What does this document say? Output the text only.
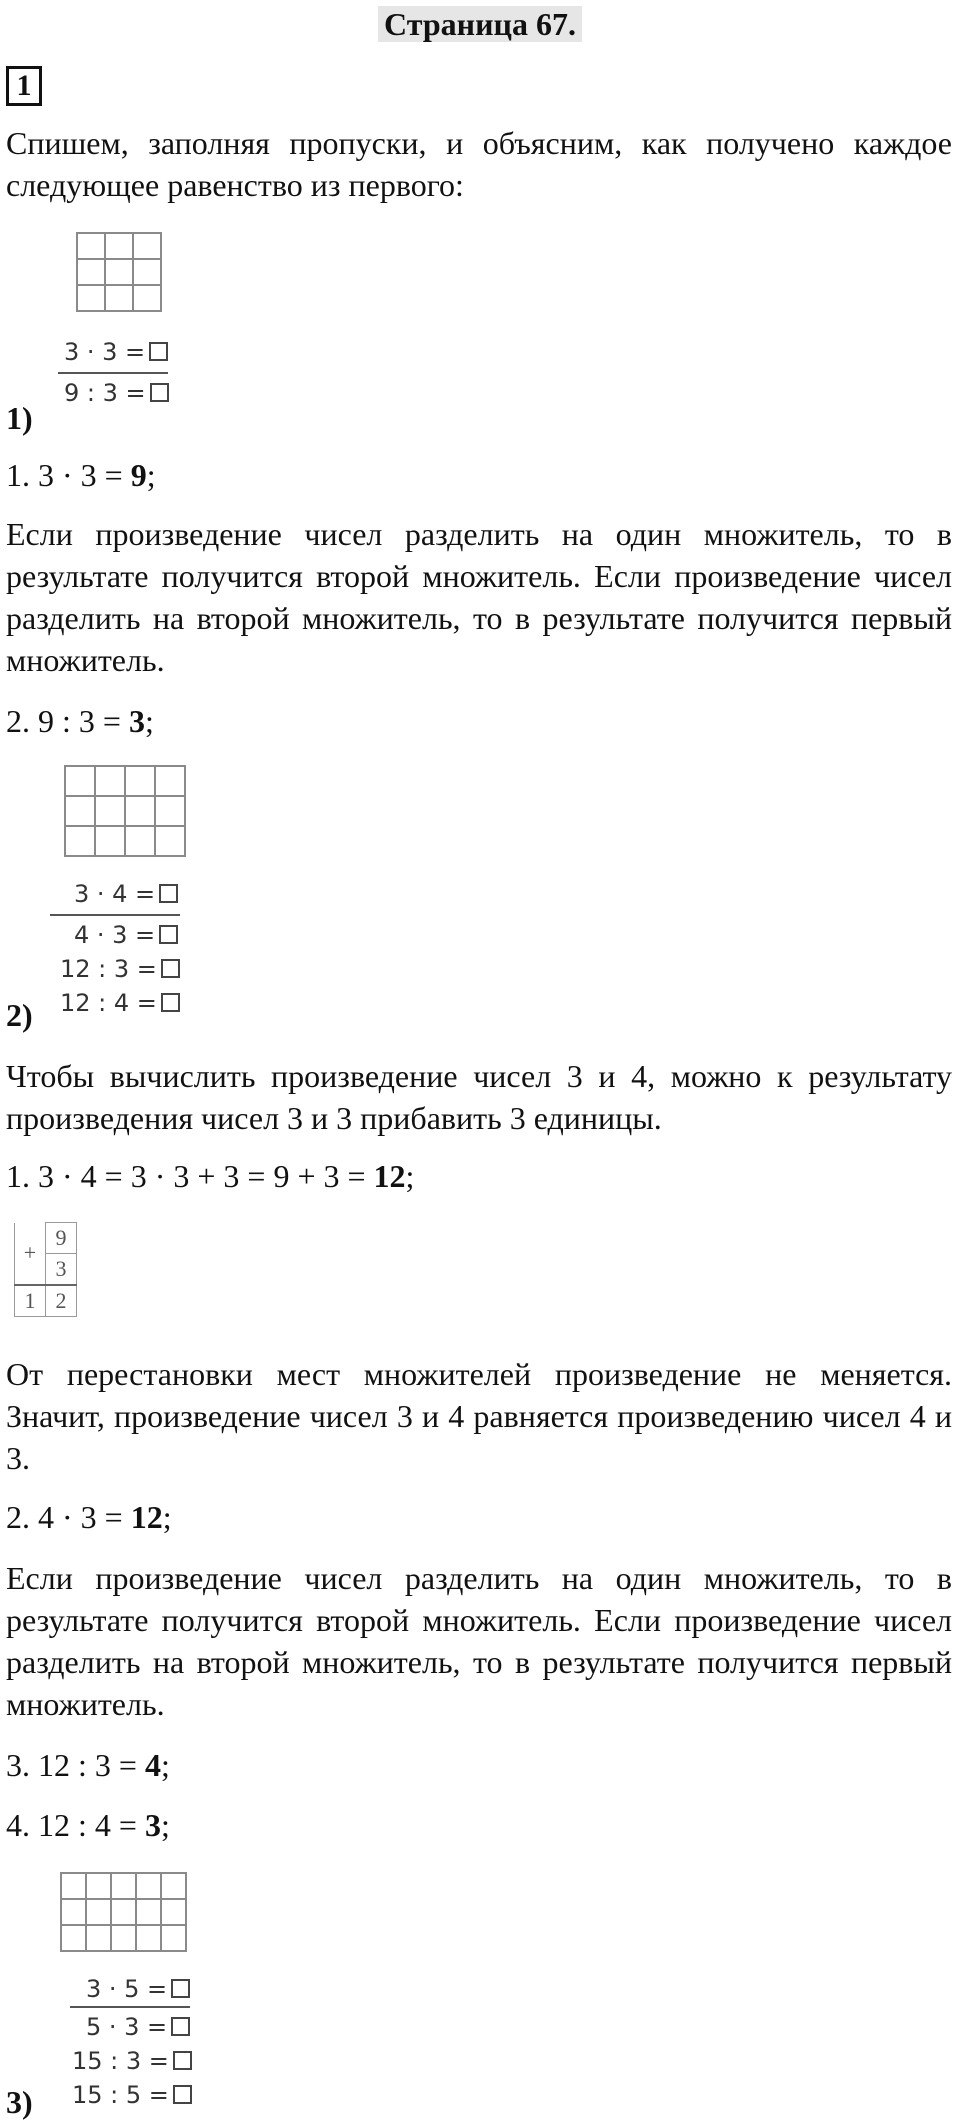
Страница 67.
1

Спишем, заполняя пропуски, и объясним, как получено каждое следующее равенство из первого:

3 · 3 =
9 : 3 =
1)

1. 3 · 3 = 9;

Если произведение чисел разделить на один множитель, то в результате получится второй множитель. Если произведение чисел разделить на второй множитель, то в результате получится первый множитель.

2. 9 : 3 = 3;

3 · 4 =
4 · 3 =
12 : 3 =
12 : 4 =
2)

Чтобы вычислить произведение чисел 3 и 4, можно к результату произведения чисел 3 и 3 прибавить 3 единицы.

1. 3 · 4 = 3 · 3 + 3 = 9 + 3 = 12;

+	9
	3
1	2

От перестановки мест множителей произведение не меняется. Значит, произведение чисел 3 и 4 равняется произведению чисел 4 и 3.

2. 4 · 3 = 12;

Если произведение чисел разделить на один множитель, то в результате получится второй множитель. Если произведение чисел разделить на второй множитель, то в результате получится первый множитель.

3. 12 : 3 = 4;

4. 12 : 4 = 3;

3 · 5 =
5 · 3 =
15 : 3 =
15 : 5 =
3)
